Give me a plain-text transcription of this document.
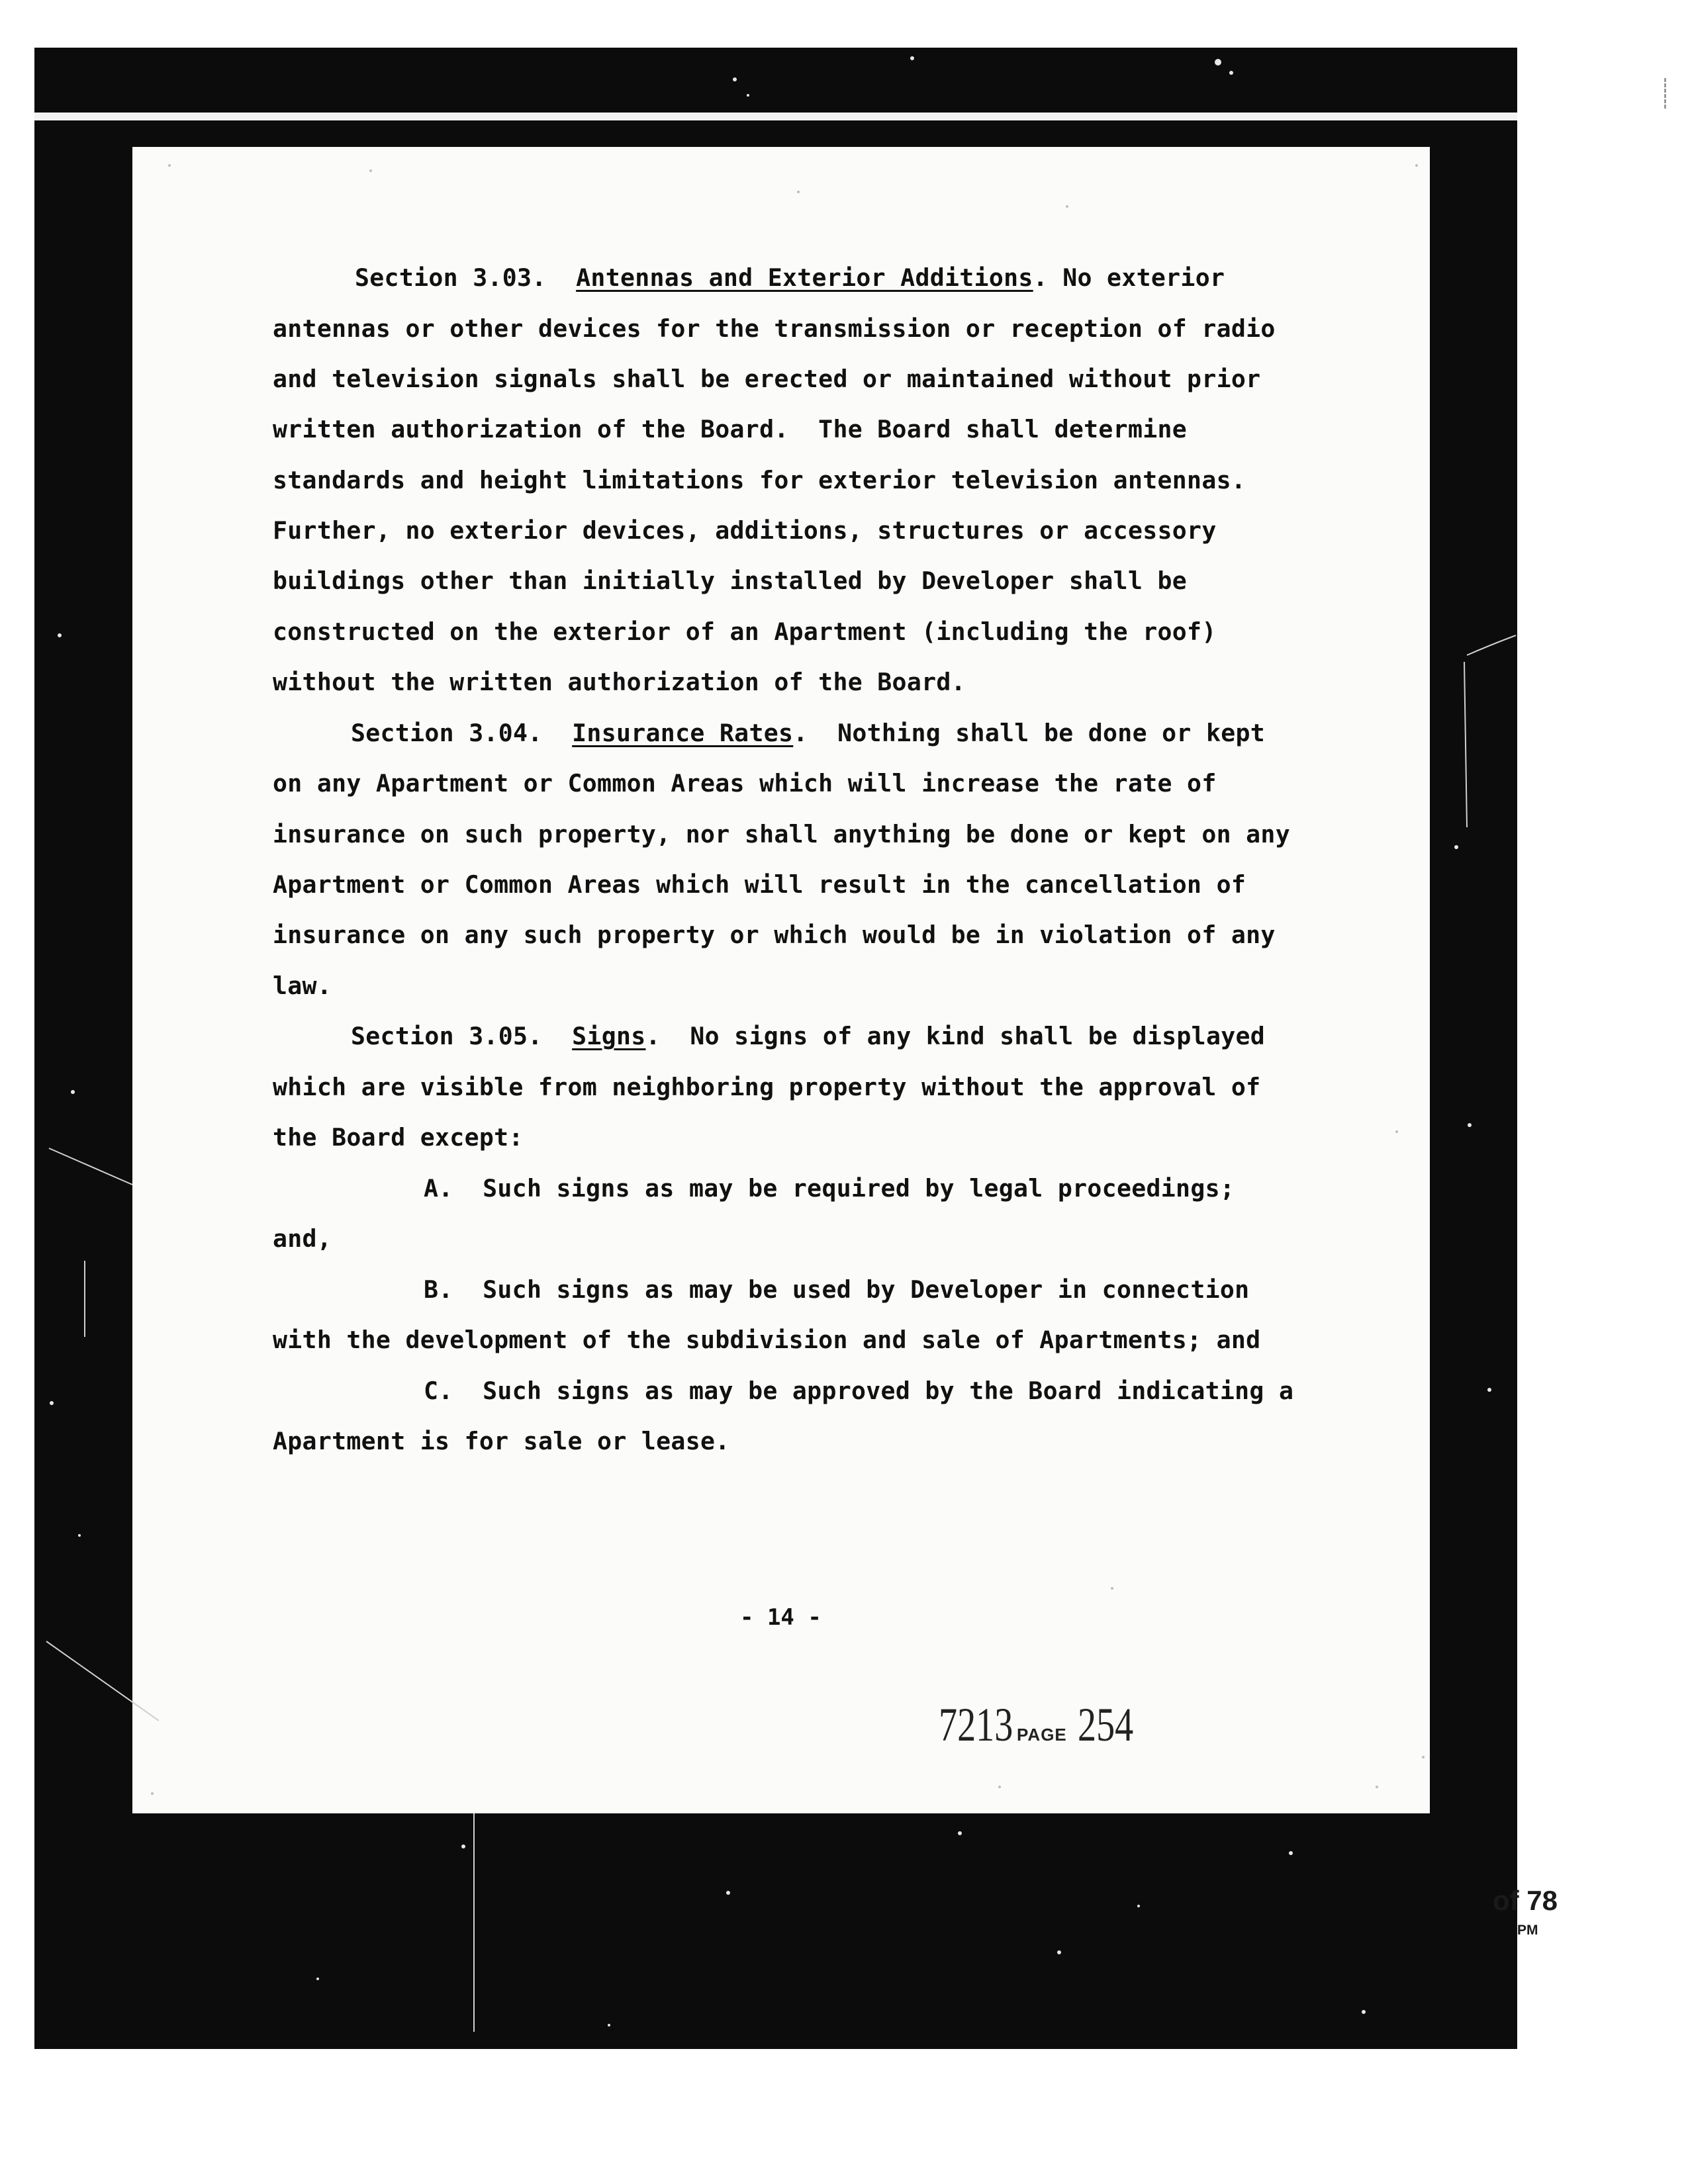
Section 3.03. Antennas and Exterior Additions. No exterior

antennas or other devices for the transmission or reception of radio

and television signals shall be erected or maintained without prior

written authorization of the Board.  The Board shall determine

standards and height limitations for exterior television antennas.

Further, no exterior devices, additions, structures or accessory

buildings other than initially installed by Developer shall be

constructed on the exterior of an Apartment (including the roof)

without the written authorization of the Board.

Section 3.04. Insurance Rates.  Nothing shall be done or kept

on any Apartment or Common Areas which will increase the rate of

insurance on such property, nor shall anything be done or kept on any

Apartment or Common Areas which will result in the cancellation of

insurance on any such property or which would be in violation of any

law.

Section 3.05. Signs.  No signs of any kind shall be displayed

which are visible from neighboring property without the approval of

the Board except:

A. Such signs as may be required by legal proceedings;

and,

B. Such signs as may be used by Developer in connection

with the development of the subdivision and sale of Apartments; and

C. Such signs as may be approved by the Board indicating a

Apartment is for sale or lease.

- 14 -
7213 PAGE 254
of 78
PM
